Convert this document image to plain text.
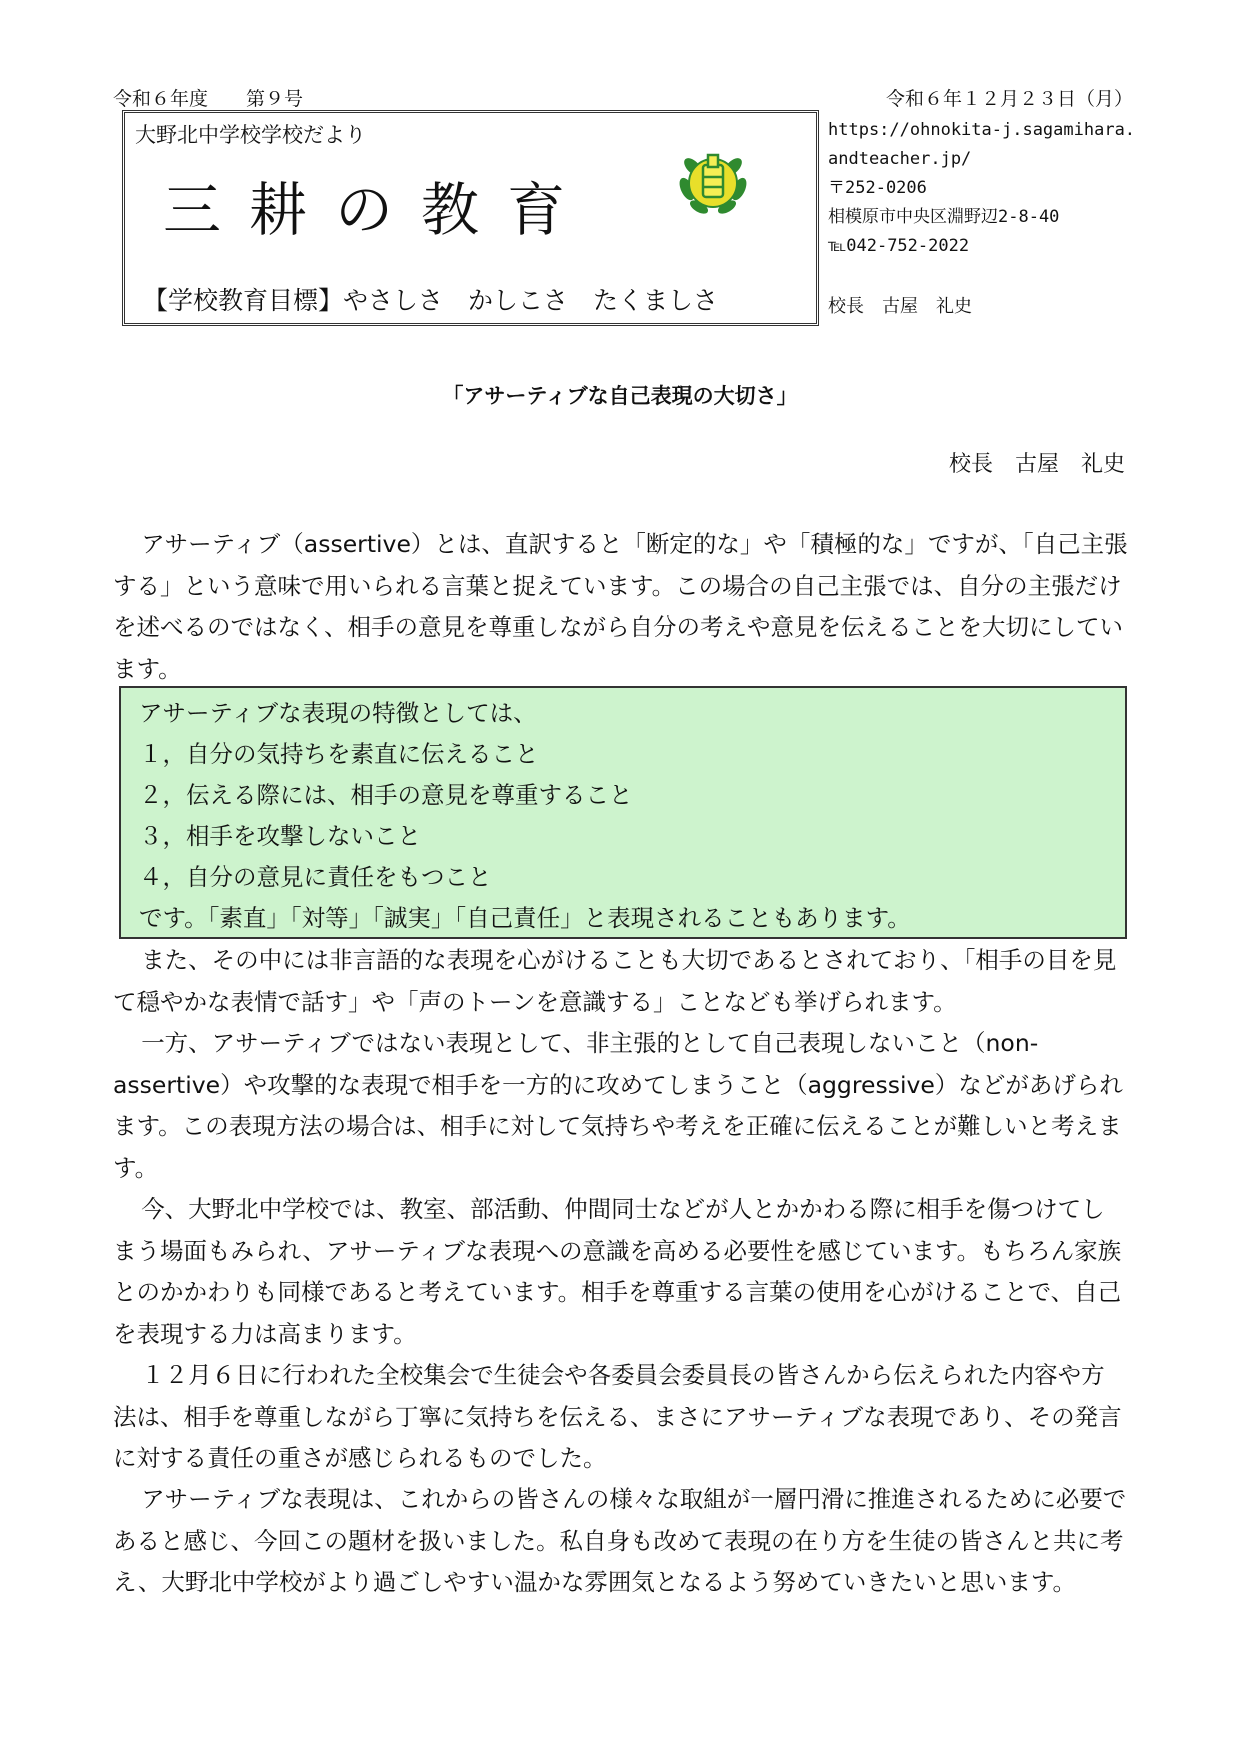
令和６年度　　第９号	令和６年１２月２３日（月）
大野北中学校学校だより
三耕の教育
【学校教育目標】やさしさ　かしこさ　たくましさ
https://ohnokita-j.sagamihara.
andteacher.jp/
〒252-0206
相模原市中央区淵野辺2-8-40
℡042-752-2022
校長　古屋　礼史
「アサーティブな自己表現の大切さ」
校長　古屋　礼史

アサーティブ（assertive）とは、直訳すると「断定的な」や「積極的な」ですが、「自己主張する」という意味で用いられる言葉と捉えています。この場合の自己主張では、自分の主張だけを述べるのではなく、相手の意見を尊重しながら自分の考えや意見を伝えることを大切にしています。

アサーティブな表現の特徴としては、
１，自分の気持ちを素直に伝えること
２，伝える際には、相手の意見を尊重すること
３，相手を攻撃しないこと
４，自分の意見に責任をもつこと
です。「素直」「対等」「誠実」「自己責任」と表現されることもあります。

また、その中には非言語的な表現を心がけることも大切であるとされており、「相手の目を見て穏やかな表情で話す」や「声のトーンを意識する」ことなども挙げられます。

一方、アサーティブではない表現として、非主張的として自己表現しないこと（non-assertive）や攻撃的な表現で相手を一方的に攻めてしまうこと（aggressive）などがあげられます。この表現方法の場合は、相手に対して気持ちや考えを正確に伝えることが難しいと考えます。

今、大野北中学校では、教室、部活動、仲間同士などが人とかかわる際に相手を傷つけてしまう場面もみられ、アサーティブな表現への意識を高める必要性を感じています。もちろん家族とのかかわりも同様であると考えています。相手を尊重する言葉の使用を心がけることで、自己を表現する力は高まります。

１２月６日に行われた全校集会で生徒会や各委員会委員長の皆さんから伝えられた内容や方法は、相手を尊重しながら丁寧に気持ちを伝える、まさにアサーティブな表現であり、その発言に対する責任の重さが感じられるものでした。

アサーティブな表現は、これからの皆さんの様々な取組が一層円滑に推進されるために必要であると感じ、今回この題材を扱いました。私自身も改めて表現の在り方を生徒の皆さんと共に考え、大野北中学校がより過ごしやすい温かな雰囲気となるよう努めていきたいと思います。
